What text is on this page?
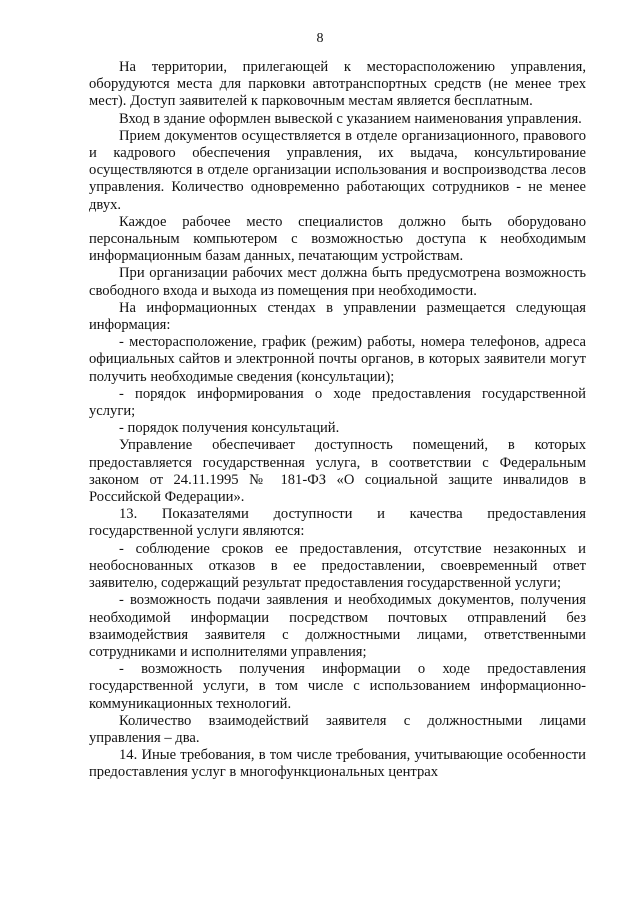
8

На территории, прилегающей к месторасположению управления, оборудуются места для парковки автотранспортных средств (не менее трех мест). Доступ заявителей к парковочным местам является бесплатным.

Вход в здание оформлен вывеской с указанием наименования управления.

Прием документов осуществляется в отделе организационного, правового и кадрового обеспечения управления, их выдача, консультирование осуществляются в отделе организации использования и воспроизводства лесов управления. Количество одновременно работающих сотрудников - не менее двух.

Каждое рабочее место специалистов должно быть оборудовано персональным компьютером с возможностью доступа к необходимым информационным базам данных, печатающим устройствам.

При организации рабочих мест должна быть предусмотрена возможность свободного входа и выхода из помещения при необходимости.

На информационных стендах в управлении размещается следующая информация:

- месторасположение, график (режим) работы, номера телефонов, адреса официальных сайтов и электронной почты органов, в которых заявители могут получить необходимые сведения (консультации);

- порядок информирования о ходе предоставления государственной услуги;

- порядок получения консультаций.

Управление обеспечивает доступность помещений, в которых предоставляется государственная услуга, в соответствии с Федеральным законом от 24.11.1995 № 181-ФЗ «О социальной защите инвалидов в Российской Федерации».

13. Показателями доступности и качества предоставления государственной услуги являются:

- соблюдение сроков ее предоставления, отсутствие незаконных и необоснованных отказов в ее предоставлении, своевременный ответ заявителю, содержащий результат предоставления государственной услуги;

- возможность подачи заявления и необходимых документов, получения необходимой информации посредством почтовых отправлений без взаимодействия заявителя с должностными лицами, ответственными сотрудниками и исполнителями управления;

- возможность получения информации о ходе предоставления государственной услуги, в том числе с использованием информационно-коммуникационных технологий.

Количество взаимодействий заявителя с должностными лицами управления – два.

14. Иные требования, в том числе требования, учитывающие особенности предоставления услуг в многофункциональных центрах
